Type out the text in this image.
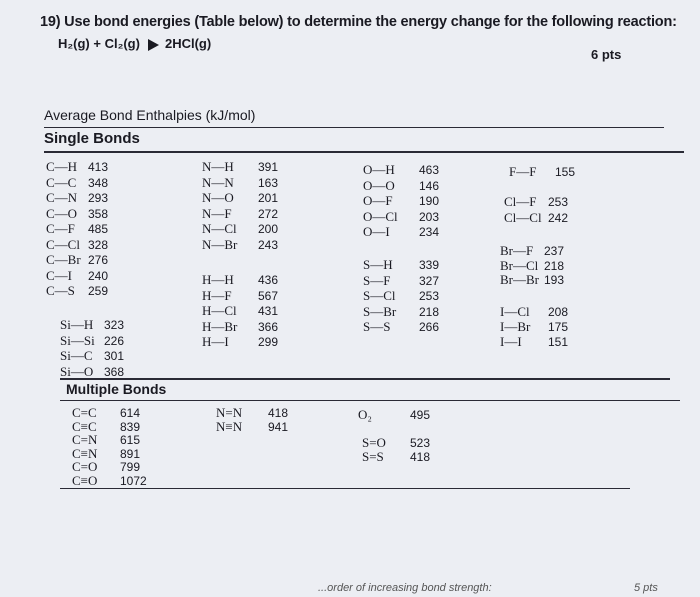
19) Use bond energies (Table below) to determine the energy change for the following reaction:
H₂(g) + Cl₂(g) 2HCl(g)
6 pts
Average Bond Enthalpies (kJ/mol)
Single Bonds
C—H 413
C—C 348
C—N 293
C—O 358
C—F 485
C—Cl 328
C—Br 276
C—I 240
C—S 259
Si—H 323
Si—Si 226
Si—C 301
Si—O 368
N—H 391
N—N 163
N—O 201
N—F 272
N—Cl 200
N—Br 243
H—H 436
H—F 567
H—Cl 431
H—Br 366
H—I 299
O—H 463
O—O 146
O—F 190
O—Cl 203
O—I 234
S—H 339
S—F 327
S—Cl 253
S—Br 218
S—S 266
F—F 155
Cl—F 253
Cl—Cl 242
Br—F 237
Br—Cl 218
Br—Br 193
I—Cl 208
I—Br 175
I—I 151
Multiple Bonds
C=C 614
C≡C 839
C=N 615
C≡N 891
C=O 799
C≡O 1072
N=N 418
N≡N 941
O₂	495
S=O 523
S=S 418
...order of increasing bond strength:	5 pts
